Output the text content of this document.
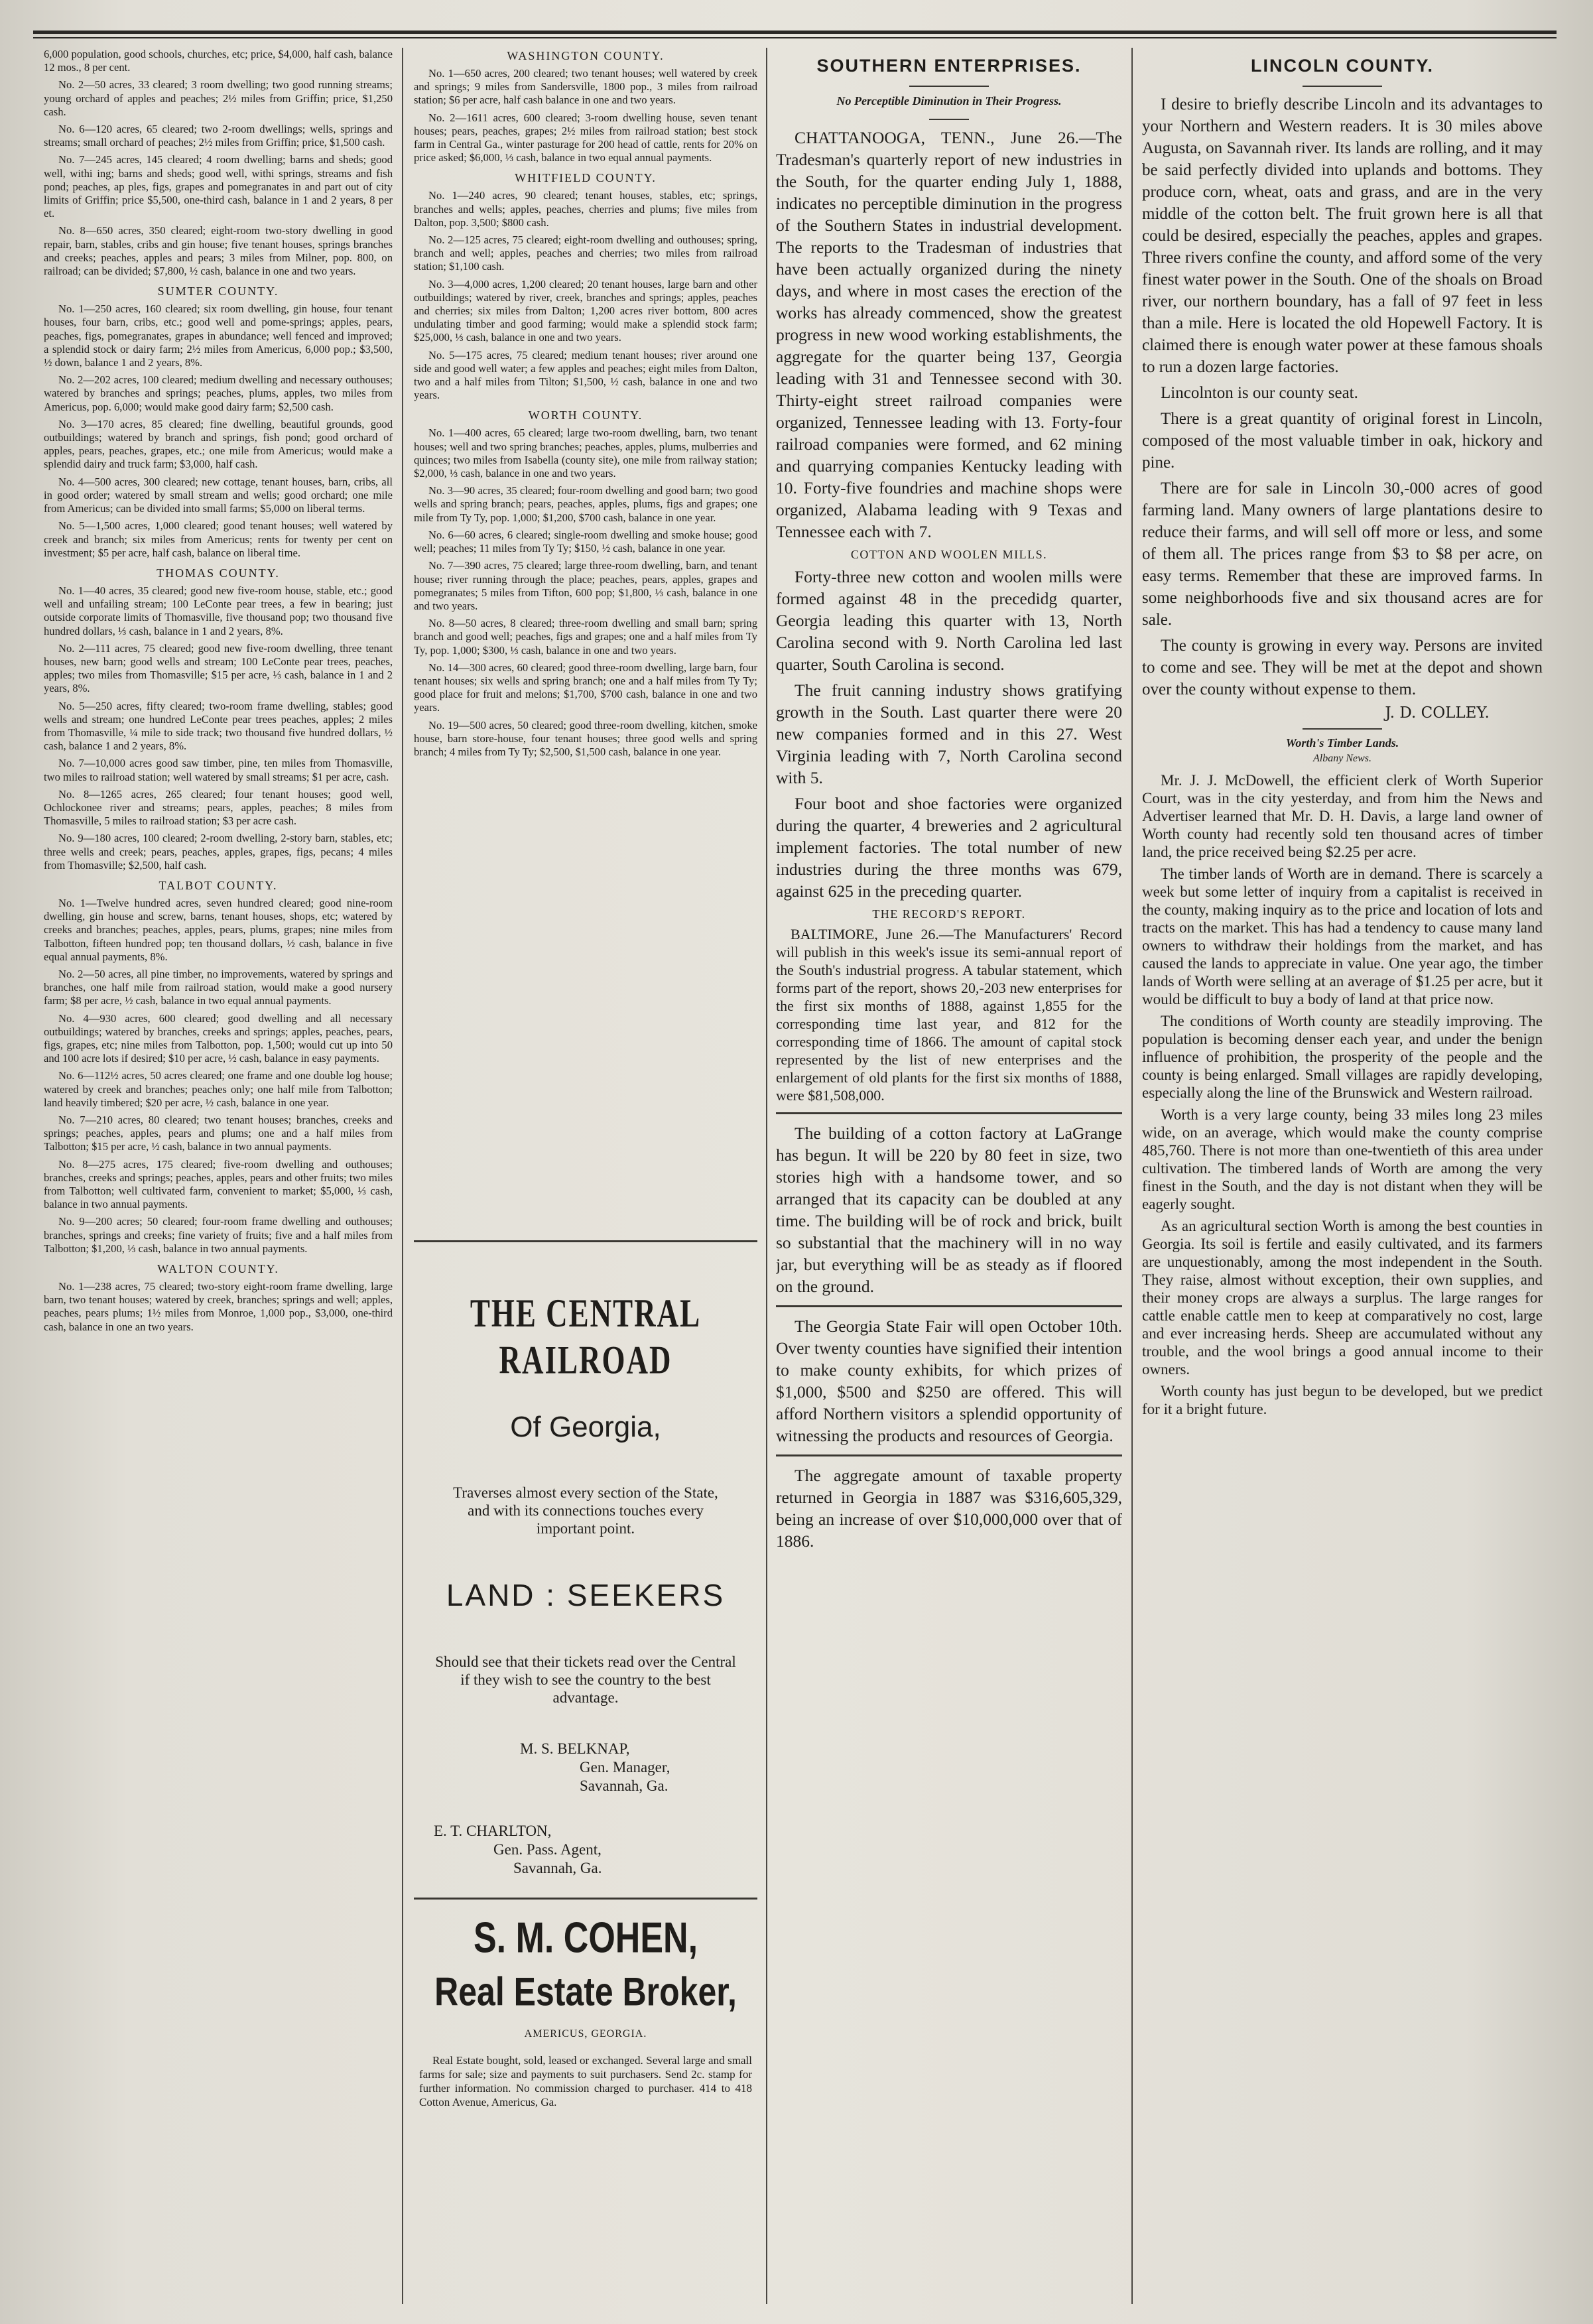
6,000 population, good schools, churches, etc; price, $4,000, half cash, balance 12 mos., 8 per cent.

No. 2—50 acres, 33 cleared; 3 room dwelling; two good running streams; young orchard of apples and peaches; 2½ miles from Griffin; price, $1,250 cash.

No. 6—120 acres, 65 cleared; two 2-room dwellings; wells, springs and streams; small orchard of peaches; 2½ miles from Griffin; price, $1,500 cash.

No. 7—245 acres, 145 cleared; 4 room dwelling; barns and sheds; good well, withi ing; barns and sheds; good well, withi springs, streams and fish pond; peaches, ap ples, figs, grapes and pomegranates in and part out of city limits of Griffin; price $5,500, one-third cash, balance in 1 and 2 years, 8 per et.

No. 8—650 acres, 350 cleared; eight-room two-story dwelling in good repair, barn, stables, cribs and gin house; five tenant houses, springs branches and creeks; peaches, apples and pears; 3 miles from Milner, pop. 800, on railroad; can be divided; $7,800, ½ cash, balance in one and two years.

SUMTER COUNTY.

No. 1—250 acres, 160 cleared; six room dwelling, gin house, four tenant houses, four barn, cribs, etc.; good well and pome-springs; apples, pears, peaches, figs, pomegranates, grapes in abundance; well fenced and improved; a splendid stock or dairy farm; 2½ miles from Americus, 6,000 pop.; $3,500, ½ down, balance 1 and 2 years, 8%.

No. 2—202 acres, 100 cleared; medium dwelling and necessary outhouses; watered by branches and springs; peaches, plums, apples, two miles from Americus, pop. 6,000; would make good dairy farm; $2,500 cash.

No. 3—170 acres, 85 cleared; fine dwelling, beautiful grounds, good outbuildings; watered by branch and springs, fish pond; good orchard of apples, pears, peaches, grapes, etc.; one mile from Americus; would make a splendid dairy and truck farm; $3,000, half cash.

No. 4—500 acres, 300 cleared; new cottage, tenant houses, barn, cribs, all in good order; watered by small stream and wells; good orchard; one mile from Americus; can be divided into small farms; $5,000 on liberal terms.

No. 5—1,500 acres, 1,000 cleared; good tenant houses; well watered by creek and branch; six miles from Americus; rents for twenty per cent on investment; $5 per acre, half cash, balance on liberal time.

THOMAS COUNTY.

No. 1—40 acres, 35 cleared; good new five-room house, stable, etc.; good well and unfailing stream; 100 LeConte pear trees, a few in bearing; just outside corporate limits of Thomasville, five thousand pop; two thousand five hundred dollars, ⅓ cash, balance in 1 and 2 years, 8%.

No. 2—111 acres, 75 cleared; good new five-room dwelling, three tenant houses, new barn; good wells and stream; 100 LeConte pear trees, peaches, apples; two miles from Thomasville; $15 per acre, ⅓ cash, balance in 1 and 2 years, 8%.

No. 5—250 acres, fifty cleared; two-room frame dwelling, stables; good wells and stream; one hundred LeConte pear trees peaches, apples; 2 miles from Thomasville, ¼ mile to side track; two thousand five hundred dollars, ½ cash, balance 1 and 2 years, 8%.

No. 7—10,000 acres good saw timber, pine, ten miles from Thomasville, two miles to railroad station; well watered by small streams; $1 per acre, cash.

No. 8—1265 acres, 265 cleared; four tenant houses; good well, Ochlockonee river and streams; pears, apples, peaches; 8 miles from Thomasville, 5 miles to railroad station; $3 per acre cash.

No. 9—180 acres, 100 cleared; 2-room dwelling, 2-story barn, stables, etc; three wells and creek; pears, peaches, apples, grapes, figs, pecans; 4 miles from Thomasville; $2,500, half cash.

TALBOT COUNTY.

No. 1—Twelve hundred acres, seven hundred cleared; good nine-room dwelling, gin house and screw, barns, tenant houses, shops, etc; watered by creeks and branches; peaches, apples, pears, plums, grapes; nine miles from Talbotton, fifteen hundred pop; ten thousand dollars, ½ cash, balance in five equal annual payments, 8%.

No. 2—50 acres, all pine timber, no improvements, watered by springs and branches, one half mile from railroad station, would make a good nursery farm; $8 per acre, ½ cash, balance in two equal annual payments.

No. 4—930 acres, 600 cleared; good dwelling and all necessary outbuildings; watered by branches, creeks and springs; apples, peaches, pears, figs, grapes, etc; nine miles from Talbotton, pop. 1,500; would cut up into 50 and 100 acre lots if desired; $10 per acre, ½ cash, balance in easy payments.

No. 6—112½ acres, 50 acres cleared; one frame and one double log house; watered by creek and branches; peaches only; one half mile from Talbotton; land heavily timbered; $20 per acre, ½ cash, balance in one year.

No. 7—210 acres, 80 cleared; two tenant houses; branches, creeks and springs; peaches, apples, pears and plums; one and a half miles from Talbotton; $15 per acre, ½ cash, balance in two annual payments.

No. 8—275 acres, 175 cleared; five-room dwelling and outhouses; branches, creeks and springs; peaches, apples, pears and other fruits; two miles from Talbotton; well cultivated farm, convenient to market; $5,000, ⅓ cash, balance in two annual payments.

No. 9—200 acres; 50 cleared; four-room frame dwelling and outhouses; branches, springs and creeks; fine variety of fruits; five and a half miles from Talbotton; $1,200, ⅓ cash, balance in two annual payments.

WALTON COUNTY.

No. 1—238 acres, 75 cleared; two-story eight-room frame dwelling, large barn, two tenant houses; watered by creek, branches; springs and well; apples, peaches, pears plums; 1½ miles from Monroe, 1,000 pop., $3,000, one-third cash, balance in one an two years.

WASHINGTON COUNTY.

No. 1—650 acres, 200 cleared; two tenant houses; well watered by creek and springs; 9 miles from Sandersville, 1800 pop., 3 miles from railroad station; $6 per acre, half cash balance in one and two years.

No. 2—1611 acres, 600 cleared; 3-room dwelling house, seven tenant houses; pears, peaches, grapes; 2½ miles from railroad station; best stock farm in Central Ga., winter pasturage for 200 head of cattle, rents for 20% on price asked; $6,000, ⅓ cash, balance in two equal annual payments.

WHITFIELD COUNTY.

No. 1—240 acres, 90 cleared; tenant houses, stables, etc; springs, branches and wells; apples, peaches, cherries and plums; five miles from Dalton, pop. 3,500; $800 cash.

No. 2—125 acres, 75 cleared; eight-room dwelling and outhouses; spring, branch and well; apples, peaches and cherries; two miles from railroad station; $1,100 cash.

No. 3—4,000 acres, 1,200 cleared; 20 tenant houses, large barn and other outbuildings; watered by river, creek, branches and springs; apples, peaches and cherries; six miles from Dalton; 1,200 acres river bottom, 800 acres undulating timber and good farming; would make a splendid stock farm; $25,000, ⅓ cash, balance in one and two years.

No. 5—175 acres, 75 cleared; medium tenant houses; river around one side and good well water; a few apples and peaches; eight miles from Dalton, two and a half miles from Tilton; $1,500, ½ cash, balance in one and two years.

WORTH COUNTY.

No. 1—400 acres, 65 cleared; large two-room dwelling, barn, two tenant houses; well and two spring branches; peaches, apples, plums, mulberries and quinces; two miles from Isabella (county site), one mile from railway station; $2,000, ⅓ cash, balance in one and two years.

No. 3—90 acres, 35 cleared; four-room dwelling and good barn; two good wells and spring branch; pears, peaches, apples, plums, figs and grapes; one mile from Ty Ty, pop. 1,000; $1,200, $700 cash, balance in one year.

No. 6—60 acres, 6 cleared; single-room dwelling and smoke house; good well; peaches; 11 miles from Ty Ty; $150, ½ cash, balance in one year.

No. 7—390 acres, 75 cleared; large three-room dwelling, barn, and tenant house; river running through the place; peaches, pears, apples, grapes and pomegranates; 5 miles from Tifton, 600 pop; $1,800, ⅓ cash, balance in one and two years.

No. 8—50 acres, 8 cleared; three-room dwelling and small barn; spring branch and good well; peaches, figs and grapes; one and a half miles from Ty Ty, pop. 1,000; $300, ⅓ cash, balance in one and two years.

No. 14—300 acres, 60 cleared; good three-room dwelling, large barn, four tenant houses; six wells and spring branch; one and a half miles from Ty Ty; good place for fruit and melons; $1,700, $700 cash, balance in one and two years.

No. 19—500 acres, 50 cleared; good three-room dwelling, kitchen, smoke house, barn store-house, four tenant houses; three good wells and spring branch; 4 miles from Ty Ty; $2,500, $1,500 cash, balance in one year.

THE CENTRAL RAILROAD
Of Georgia,
Traverses almost every section of the State, and with its connections touches every important point.
LAND : SEEKERS
Should see that their tickets read over the Central if they wish to see the country to the best advantage.
M. S. BELKNAP,
Gen. Manager,
Savannah, Ga.
E. T. CHARLTON,
Gen. Pass. Agent,
Savannah, Ga.
S. M. COHEN,
Real Estate Broker,
AMERICUS, GEORGIA.
Real Estate bought, sold, leased or exchanged. Several large and small farms for sale; size and payments to suit purchasers. Send 2c. stamp for further information. No commission charged to purchaser. 414 to 418 Cotton Avenue, Americus, Ga.
SOUTHERN ENTERPRISES.
No Perceptible Diminution in Their Progress.

CHATTANOOGA, TENN., June 26.—The Tradesman's quarterly report of new industries in the South, for the quarter ending July 1, 1888, indicates no perceptible diminution in the progress of the Southern States in industrial development. The reports to the Tradesman of industries that have been actually organized during the ninety days, and where in most cases the erection of the works has already commenced, show the greatest progress in new wood working establishments, the aggregate for the quarter being 137, Georgia leading with 31 and Tennessee second with 30. Thirty-eight street railroad companies were organized, Tennessee leading with 13. Forty-four railroad companies were formed, and 62 mining and quarrying companies Kentucky leading with 10. Forty-five foundries and machine shops were organized, Alabama leading with 9 Texas and Tennessee each with 7.

COTTON AND WOOLEN MILLS.

Forty-three new cotton and woolen mills were formed against 48 in the precedidg quarter, Georgia leading this quarter with 13, North Carolina second with 9. North Carolina led last quarter, South Carolina is second.

The fruit canning industry shows gratifying growth in the South. Last quarter there were 20 new companies formed and in this 27. West Virginia leading with 7, North Carolina second with 5.

Four boot and shoe factories were organized during the quarter, 4 breweries and 2 agricultural implement factories. The total number of new industries during the three months was 679, against 625 in the preceding quarter.

THE RECORD'S REPORT.

BALTIMORE, June 26.—The Manufacturers' Record will publish in this week's issue its semi-annual report of the South's industrial progress. A tabular statement, which forms part of the report, shows 20,-203 new enterprises for the first six months of 1888, against 1,855 for the corresponding time last year, and 812 for the corresponding time of 1866. The amount of capital stock represented by the list of new enterprises and the enlargement of old plants for the first six months of 1888, were $81,508,000.

The building of a cotton factory at LaGrange has begun. It will be 220 by 80 feet in size, two stories high with a handsome tower, and so arranged that its capacity can be doubled at any time. The building will be of rock and brick, built so substantial that the machinery will in no way jar, but everything will be as steady as if floored on the ground.

The Georgia State Fair will open October 10th. Over twenty counties have signified their intention to make county exhibits, for which prizes of $1,000, $500 and $250 are offered. This will afford Northern visitors a splendid opportunity of witnessing the products and resources of Georgia.

The aggregate amount of taxable property returned in Georgia in 1887 was $316,605,329, being an increase of over $10,000,000 over that of 1886.

LINCOLN COUNTY.

I desire to briefly describe Lincoln and its advantages to your Northern and Western readers. It is 30 miles above Augusta, on Savannah river. Its lands are rolling, and it may be said perfectly divided into uplands and bottoms. They produce corn, wheat, oats and grass, and are in the very middle of the cotton belt. The fruit grown here is all that could be desired, especially the peaches, apples and grapes. Three rivers confine the county, and afford some of the very finest water power in the South. One of the shoals on Broad river, our northern boundary, has a fall of 97 feet in less than a mile. Here is located the old Hopewell Factory. It is claimed there is enough water power at these famous shoals to run a dozen large factories.

Lincolnton is our county seat.

There is a great quantity of original forest in Lincoln, composed of the most valuable timber in oak, hickory and pine.

There are for sale in Lincoln 30,-000 acres of good farming land. Many owners of large plantations desire to reduce their farms, and will sell off more or less, and some of them all. The prices range from $3 to $8 per acre, on easy terms. Remember that these are improved farms. In some neighborhoods five and six thousand acres are for sale.

The county is growing in every way. Persons are invited to come and see. They will be met at the depot and shown over the county without expense to them.

J. D. COLLEY.
Worth's Timber Lands.
Albany News.

Mr. J. J. McDowell, the efficient clerk of Worth Superior Court, was in the city yesterday, and from him the News and Advertiser learned that Mr. D. H. Davis, a large land owner of Worth county had recently sold ten thousand acres of timber land, the price received being $2.25 per acre.

The timber lands of Worth are in demand. There is scarcely a week but some letter of inquiry from a capitalist is received in the county, making inquiry as to the price and location of lots and tracts on the market. This has had a tendency to cause many land owners to withdraw their holdings from the market, and has caused the lands to appreciate in value. One year ago, the timber lands of Worth were selling at an average of $1.25 per acre, but it would be difficult to buy a body of land at that price now.

The conditions of Worth county are steadily improving. The population is becoming denser each year, and under the benign influence of prohibition, the prosperity of the people and the county is being enlarged. Small villages are rapidly developing, especially along the line of the Brunswick and Western railroad.

Worth is a very large county, being 33 miles long 23 miles wide, on an average, which would make the county comprise 485,760. There is not more than one-twentieth of this area under cultivation. The timbered lands of Worth are among the very finest in the South, and the day is not distant when they will be eagerly sought.

As an agricultural section Worth is among the best counties in Georgia. Its soil is fertile and easily cultivated, and its farmers are unquestionably, among the most independent in the South. They raise, almost without exception, their own supplies, and their money crops are always a surplus. The large ranges for cattle enable cattle men to keep at comparatively no cost, large and ever increasing herds. Sheep are accumulated without any trouble, and the wool brings a good annual income to their owners.

Worth county has just begun to be developed, but we predict for it a bright future.
